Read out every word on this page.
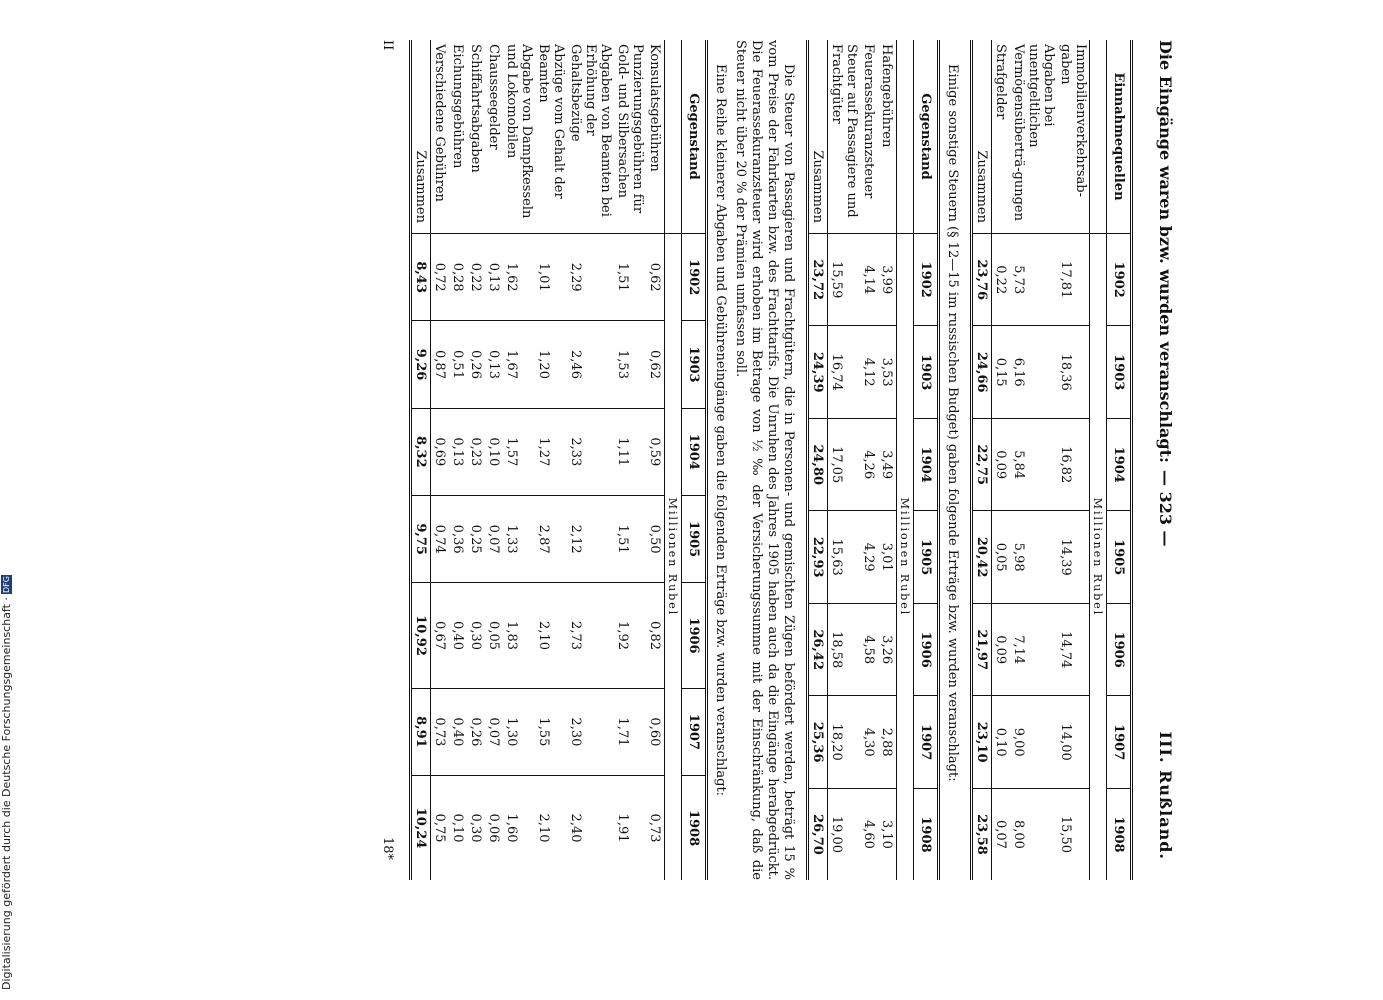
Digitalisierung gefördert durch die Deutsche Forschungsgemeinschaft · DFG
Die Eingänge waren bzw. wurden veranschlagt:
— 323 —
III. Rußland.
Einnahmequellen	1902	1903	1904	1905	1906	1907	1908
	Millionen Rubel						
Immobilienverkehrsab-gaben	17,81	18,36	16,82	14,39	14,74	14,00	15,50
Abgaben bei unentgeltlichen Vermögensüberträ-gungen	5,73	6,16	5,84	5,98	7,14	9,00	8,00
Strafgelder	0,22	0,15	0,09	0,05	0,09	0,10	0,07
Zusammen	23,76	24,66	22,75	20,42	21,97	23,10	23,58

Einige sonstige Steuern (§ 12—15 im russischen Budget) gaben folgende Erträge bzw. wurden veranschlagt:

Gegenstand	1902	1903	1904	1905	1906	1907	1908
	Millionen Rubel						
Hafengebühren	3,99	3,53	3,49	3,01	3,26	2,88	3,10
Feuerassekuranzsteuer	4,14	4,12	4,26	4,29	4,58	4,30	4,60
Steuer auf Passagiere und Frachtgüter	15,59	16,74	17,05	15,63	18,58	18,20	19,00
Zusammen	23,72	24,39	24,80	22,93	26,42	25,36	26,70

Die Steuer von Passagieren und Frachtgütern, die in Personen- und gemischten Zügen befördert werden, beträgt 15 % vom Preise der Fahrkarten bzw. des Frachttarifs. Die Unruhen des Jahres 1905 haben auch da die Eingänge herabgedrückt. Die Feuerassekuranzsteuer wird erhoben im Betrage von ½ ‰ der Versicherungssumme mit der Einschränkung, daß die Steuer nicht über 20 % der Prämien umfassen soll.

Eine Reihe kleinerer Abgaben und Gebühreneingänge gaben die folgenden Erträge bzw. wurden veranschlagt:

Gegenstand	1902	1903	1904	1905	1906	1907	1908
	Millionen Rubel						
Konsulatsgebühren	0,62	0,62	0,59	0,50	0,82	0,60	0,73
Punzierungsgebühren für Gold- und Silbersachen	1,51	1,53	1,11	1,51	1,92	1,71	1,91
Abgaben von Beamten bei Erhöhung der Gehaltsbezüge	2,29	2,46	2,33	2,12	2,73	2,30	2,40
Abzüge vom Gehalt der Beamten	1,01	1,20	1,27	2,87	2,10	1,55	2,10
Abgabe von Dampfkesseln und Lokomobilen	1,62	1,67	1,57	1,33	1,83	1,30	1,60
Chausseegelder	0,13	0,13	0,10	0,07	0,05	0,07	0,06
Schiffahrtsabgaben	0,22	0,26	0,23	0,25	0,30	0,26	0,30
Eichungsgebühren	0,28	0,51	0,13	0,36	0,40	0,40	0,10
Verschiedene Gebühren	0,72	0,87	0,69	0,74	0,67	0,73	0,75
Zusammen	8,43	9,26	8,32	9,75	10,92	8,91	10,24
II
18*
